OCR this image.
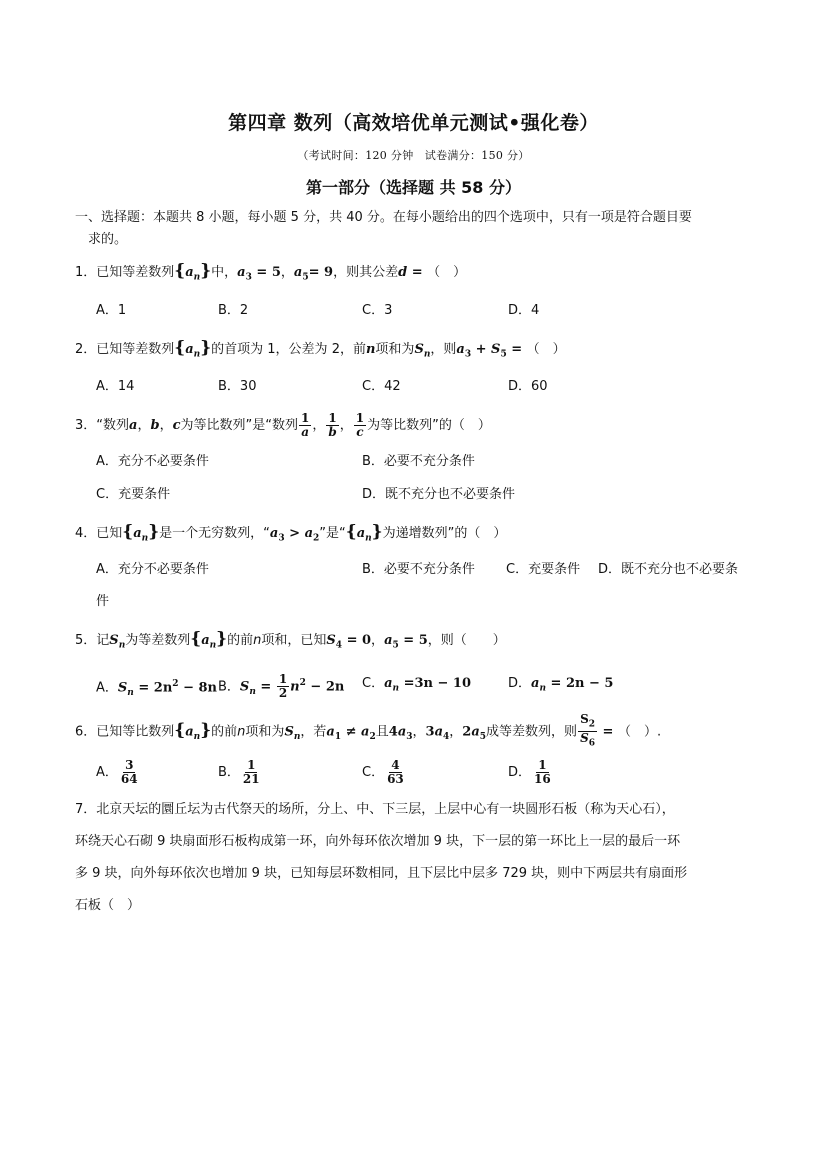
第四章 数列（高效培优单元测试•强化卷）
（考试时间：120 分钟　试卷满分：150 分）
第一部分（选择题 共 58 分）
一、选择题：本题共 8 小题，每小题 5 分，共 40 分。在每小题给出的四个选项中，只有一项是符合题目要
求的。
1．已知等差数列$\{a_n\}$中，$a_3 = 5$，$a_5= 9$，则其公差d = （　）
A．1	B．2	C．3	D．4
2．已知等差数列$\{a_n\}$的首项为 1，公差为 2，前n项和为$S_n$，则$a_3 + S_5$ = （　）
A．14	B．30	C．42	D．60
3．“数列a，b，c为等比数列”是“数列 $\frac{1}{a}$ ， $\frac{1}{b}$ ， $\frac{1}{c}$ 为等比数列”的（　）
A．充分不必要条件	B．必要不充分条件
C．充要条件	D．既不充分也不必要条件
4．已知$\{a_n\}$是一个无穷数列，“$a_3 > a_2$”是“$\{a_n\}$为递增数列”的（　）
A．充分不必要条件	B．必要不充分条件 C．充要条件 D．既不充分也不必要条
件
5．记$S_n$为等差数列$\{a_n\}$的前n项和，已知$S_4 = 0$，$a_5 = 5$，则（　　）
A．$S_n = 2n^2 - 8n$ B．$S_n = \frac{1}{2} n^2 - 2n$ C．$a_n =3n - 10$	D．$a_n = 2n - 5$
6．已知等比数列$\{a_n\}$的前n项和为$S_n$，若$a_1 \ne a_2$且$4a_3$，$3a_4$，$2a_5$成等差数列，则 $\frac{S_2}{S_6}$ = （　）.
A． $\frac{3}{64}$	B． $\frac{1}{21}$	C． $\frac{4}{63}$	D． $\frac{1}{16}$
7．北京天坛的圜丘坛为古代祭天的场所，分上、中、下三层，上层中心有一块圆形石板（称为天心石），
环绕天心石砌 9 块扇面形石板构成第一环，向外每环依次增加 9 块，下一层的第一环比上一层的最后一环
多 9 块，向外每环依次也增加 9 块，已知每层环数相同，且下层比中层多 729 块，则中下两层共有扇面形
石板（　）
